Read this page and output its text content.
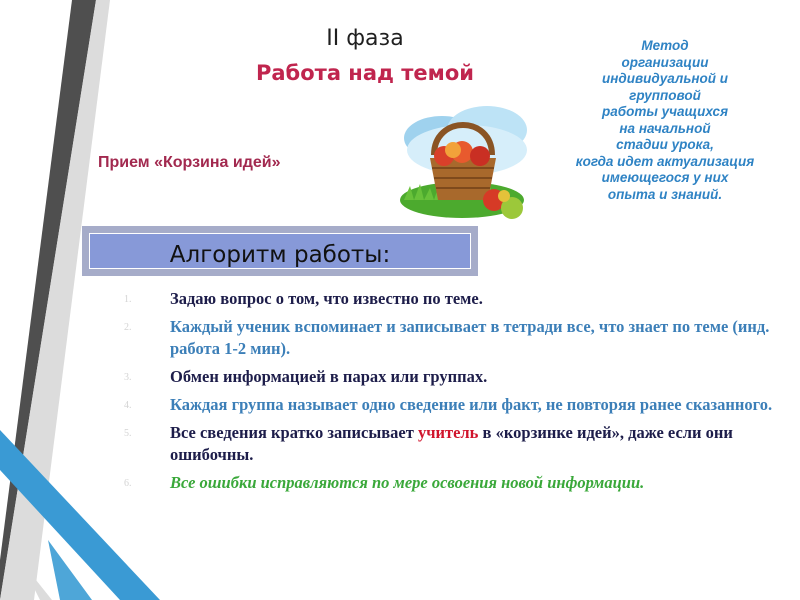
II фаза
Работа над темой
Прием «Корзина идей»
Метод
организации
индивидуальной и
групповой
работы учащихся
на начальной
стадии урока,
когда идет актуализация
имеющегося у них
опыта и знаний.
Алгоритм работы:
1.	Задаю вопрос о том, что известно по теме.
2.	Каждый ученик вспоминает и записывает в тетради все, что знает по теме (инд. работа 1-2 мин).
3.	Обмен информацией в парах или группах.
4.	Каждая группа называет одно сведение или факт, не повторяя ранее сказанного.
5.	Все сведения кратко записывает учитель в «корзинке идей», даже если они ошибочны.
6.	Все ошибки исправляются по мере освоения новой информации.
